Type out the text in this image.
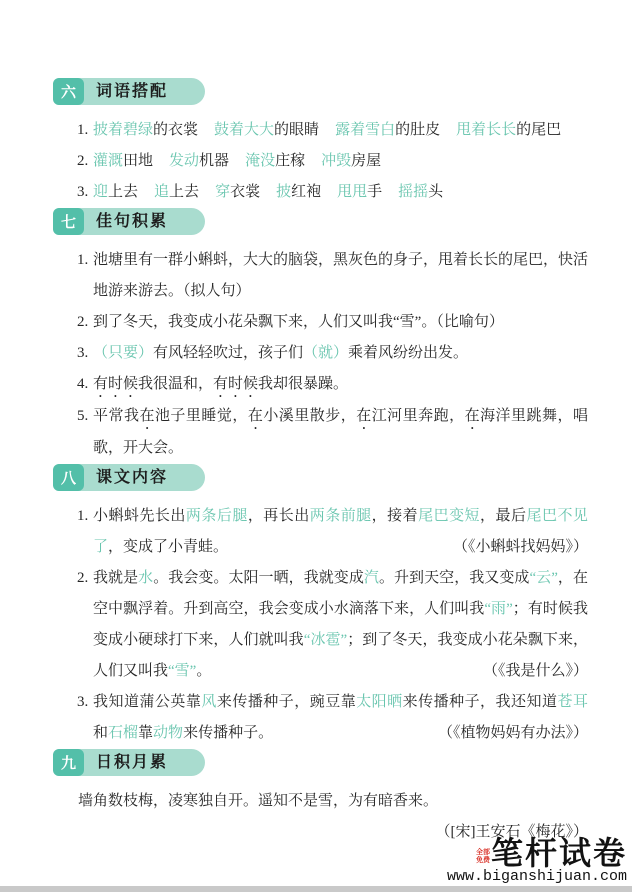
六	词语搭配

1. 披着碧绿的衣裳 鼓着大大的眼睛 露着雪白的肚皮 甩着长长的尾巴

2. 灌溉田地 发动机器 淹没庄稼 冲毁房屋

3. 迎上去 追上去 穿衣裳 披红袍 甩甩手 摇摇头

七	佳句积累

1. 池塘里有一群小蝌蚪，大大的脑袋，黑灰色的身子，甩着长长的尾巴，快活地游来游去。（拟人句）

2. 到了冬天，我变成小花朵飘下来，人们又叫我“雪”。（比喻句）

3. （只要）有风轻轻吹过，孩子们（就）乘着风纷纷出发。

4. 有时候我很温和，有时候我却很暴躁。

5. 平常我在池子里睡觉，在小溪里散步，在江河里奔跑，在海洋里跳舞，唱歌，开大会。

八	课文内容

1. 小蝌蚪先长出两条后腿，再长出两条前腿，接着尾巴变短，最后尾巴不见了，变成了小青蛙。	（《小蝌蚪找妈妈》）

2. 我就是水。我会变。太阳一晒，我就变成汽。升到天空，我又变成“云”，在空中飘浮着。升到高空，我会变成小水滴落下来，人们叫我“雨”；有时候我变成小硬球打下来，人们就叫我“冰雹”；到了冬天，我变成小花朵飘下来，人们又叫我“雪”。	（《我是什么》）

3. 我知道蒲公英靠风来传播种子，豌豆靠太阳晒来传播种子，我还知道苍耳和石榴靠动物来传播种子。	（《植物妈妈有办法》）

九	日积月累

墙角数枝梅，凌寒独自开。遥知不是雪，为有暗香来。

（[宋]王安石《梅花》）

全部免费 笔杆试卷
www.biganshijuan.com
